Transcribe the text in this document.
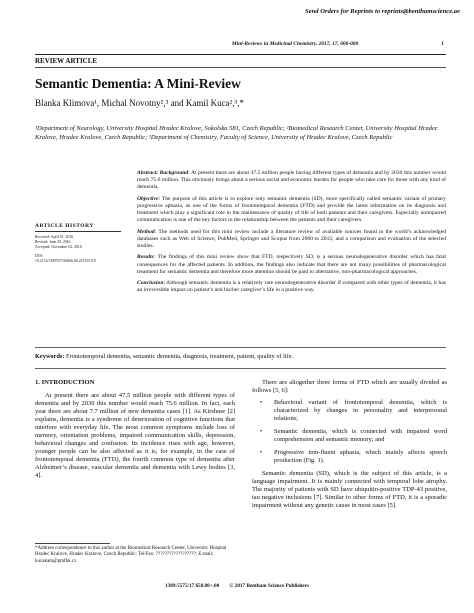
Send Orders for Reprints to reprints@benthamscience.ae
Mini-Reviews in Medicinal Chemistry, 2017, 17, 000-000	1
REVIEW ARTICLE
Semantic Dementia: A Mini-Review
Blanka Klimova¹, Michal Novotny²,³ and Kamil Kuca²,³,*
¹Department of Neurology, University Hospital Hradec Kralove, Sokolska 581, Czech Republic; ²Biomedical Research Center, University Hospital Hradec Kralove, Hradec Kralove, Czech Republic; ³Department of Chemistry, Faculty of Science, University of Hradec Kralove, Czech Republic
ARTICLE HISTORY
Received: April 01, 2016
Revised: June 29, 2016
Accepted: November 02, 2016
DOI:
10.2174/1389557516666161223155118

Abstract: Background: At present there are about 47.5 million people having different types of dementia and by 2030 this number would reach 75.6 million. This obviously brings about a serious social and economic burden for people who take care for those with any kind of dementia.

Objective: The purpose of this article is to explore only semantic dementia (SD), more specifically called semantic variant of primary progressive aphasia, as one of the forms of frontotemporal dementia (FTD) and provide the latest information on its diagnosis and treatment which play a significant role in the maintenance of quality of life of both patients and their caregivers. Especially unimpaired communication is one of the key factors in the relationship between the patients and their caregivers.

Method: The methods used for this mini review include a literature review of available sources found in the world’s acknowledged databases such as Web of Science, PubMed, Springer and Scopus from 2000 to 2015; and a comparison and evaluation of the selected studies.

Results: The findings of this mini review show that FTD, respectively SD, is a serious neurodegenerative disorder which has fatal consequences for the affected patients. In addition, the findings also indicate that there are not many possibilities of pharmacological treatment for semantic dementia and therefore more attention should be paid to alternative, non-pharmacological approaches.

Conclusion: Although semantic dementia is a relatively rare neurodegenerative disorder if compared with other types of dementia, it has an irreversible impact on patient’s and his/her caregiver’s life in a positive way.

Keywords: Frontotemporal dementia, semantic dementia, diagnosis, treatment, patient, quality of life.
1. INTRODUCTION

At present there are about 47.5 million people with different types of dementia and by 2030 this number would reach 75.6 million. In fact, each year there are about 7.7 million of new dementia cases [1]. As Kirshner [2] explains, dementia is a syndrome of deterioration of cognitive functions that interfere with everyday life. The most common symptoms include loss of memory, orientation problems, impaired communication skills, depression, behavioral changes and confusion. Its incidence rises with age, however, younger people can be also affected as it is, for example, in the case of frontotemporal dementia (FTD), the fourth common type of dementia after Alzheimer’s disease, vascular dementia and dementia with Lewy bodies [3, 4].

*Address correspondence to this author at the Biomedical Research Center, University Hospital Hradec Kralove, Hradec Kralove, Czech Republic; Tel/Fax: ??????????????????; E-mail: kucakam@pmfhk.cz

There are altogether three forms of FTD which are usually divided as follows [5, 6]:

• Behavioral variant of frontotemporal dementia, which is characterized by changes in personality and interpersonal relations;
• Semantic dementia, which is connected with impaired word comprehension and semantic memory; and
• Progressive non-fluent aphasia, which mainly affects speech production (Fig. 1).

Semantic dementia (SD), which is the subject of this article, is a language impairment. It is mainly connected with temporal lobe atrophy. The majority of patients with SD have ubiquitin-positive TDP-43 positive, tau negative inclusions [7]. Similar to other forms of FTD, it is a sporadic impairment without any genetic cause in most cases [5].

1389-5575/17 $58.00+.00        © 2017 Bentham Science Publishers
